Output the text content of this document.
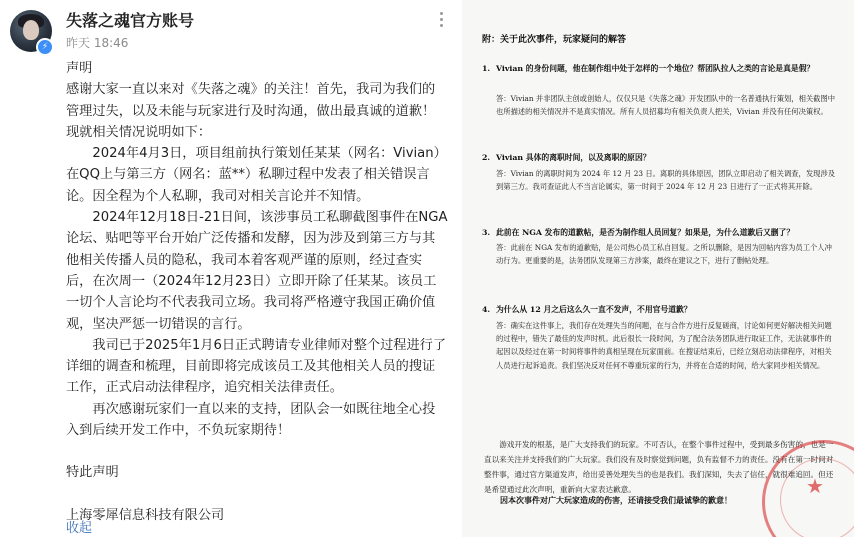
⚡
失落之魂官方账号
昨天 18:46

声明

感谢大家一直以来对《失落之魂》的关注！首先，我司为我们的管理过失，以及未能与玩家进行及时沟通，做出最真诚的道歉！现就相关情况说明如下：

2024年4月3日，项目组前执行策划任某某（网名：Vivian）在QQ上与第三方（网名：蓝**）私聊过程中发表了相关错误言论。因全程为个人私聊，我司对相关言论并不知情。

2024年12月18日-21日间，该涉事员工私聊截图事件在NGA论坛、贴吧等平台开始广泛传播和发酵，因为涉及到第三方与其他相关传播人员的隐私，我司本着客观严谨的原则，经过查实后，在次周一（2024年12月23日）立即开除了任某某。该员工一切个人言论均不代表我司立场。我司将严格遵守我国正确价值观，坚决严惩一切错误的言行。

我司已于2025年1月6日正式聘请专业律师对整个过程进行了详细的调查和梳理，目前即将完成该员工及其他相关人员的搜证工作，正式启动法律程序，追究相关法律责任。

再次感谢玩家们一直以来的支持，团队会一如既往地全心投入到后续开发工作中，不负玩家期待！

特此声明

上海零犀信息科技有限公司

收起
附：关于此次事件，玩家疑问的解答
1. Vivian 的身份问题，他在制作组中处于怎样的一个地位？帮团队拉人之类的言论是真是假？
答：Vivian 并非团队主创或创始人，仅仅只是《失落之魂》开发团队中的一名普通执行策划，相关截图中也所描述的相关情况并不是真实情况。所有人员招募均有相关负责人把关，Vivian 并没有任何决策权。
2. Vivian 具体的离职时间，以及离职的原因？
答：Vivian 的离职时间为 2024 年 12 月 23 日。离职的具体原因，团队立即启动了相关调查，发现涉及到第三方。我司查证此人不当言论属实，第一时间于 2024 年 12 月 23 日进行了一正式将其开除。
3. 此前在 NGA 发布的道歉帖，是否为制作组人员回复？如果是，为什么道歉后又删了？
答：此前在 NGA 发布的道歉贴，是公司热心员工私自回复。之所以删除，是因为回帖内容为员工个人冲动行为。更重要的是，法务团队发现第三方涉案，最终在建议之下，进行了删帖处理。
4. 为什么从 12 月之后这么久一直不发声，不用官号道歉？
答：确实在这件事上，我们存在处理失当的问题，在与合作方进行反复磋商，讨论如何更好解决相关问题的过程中，错失了最佳的发声时机。此后很长一段时间，为了配合法务团队进行取证工作，无法就事件的起因以及经过在第一时间将事件的真相呈现在玩家面前。在搜证结束后，已经立刻启动法律程序，对相关人员进行起诉追责。我们坚决反对任何不尊重玩家的行为，并将在合适的时间，给大家同步相关情况。
游戏开发的根基，是广大支持我们的玩家。不可否认，在整个事件过程中，受到最多伤害的，也是一直以来关注并支持我们的广大玩家。我们没有及时察觉到问题，负有监督不力的责任。没有在第一时间对整件事，通过官方渠道发声，给出妥善处理失当的也是我们。我们深知，失去了信任，就很难追回。但还是希望通过此次声明，重新向大家表达歉意。
因本次事件对广大玩家造成的伤害，还请接受我们最诚挚的歉意！
★
